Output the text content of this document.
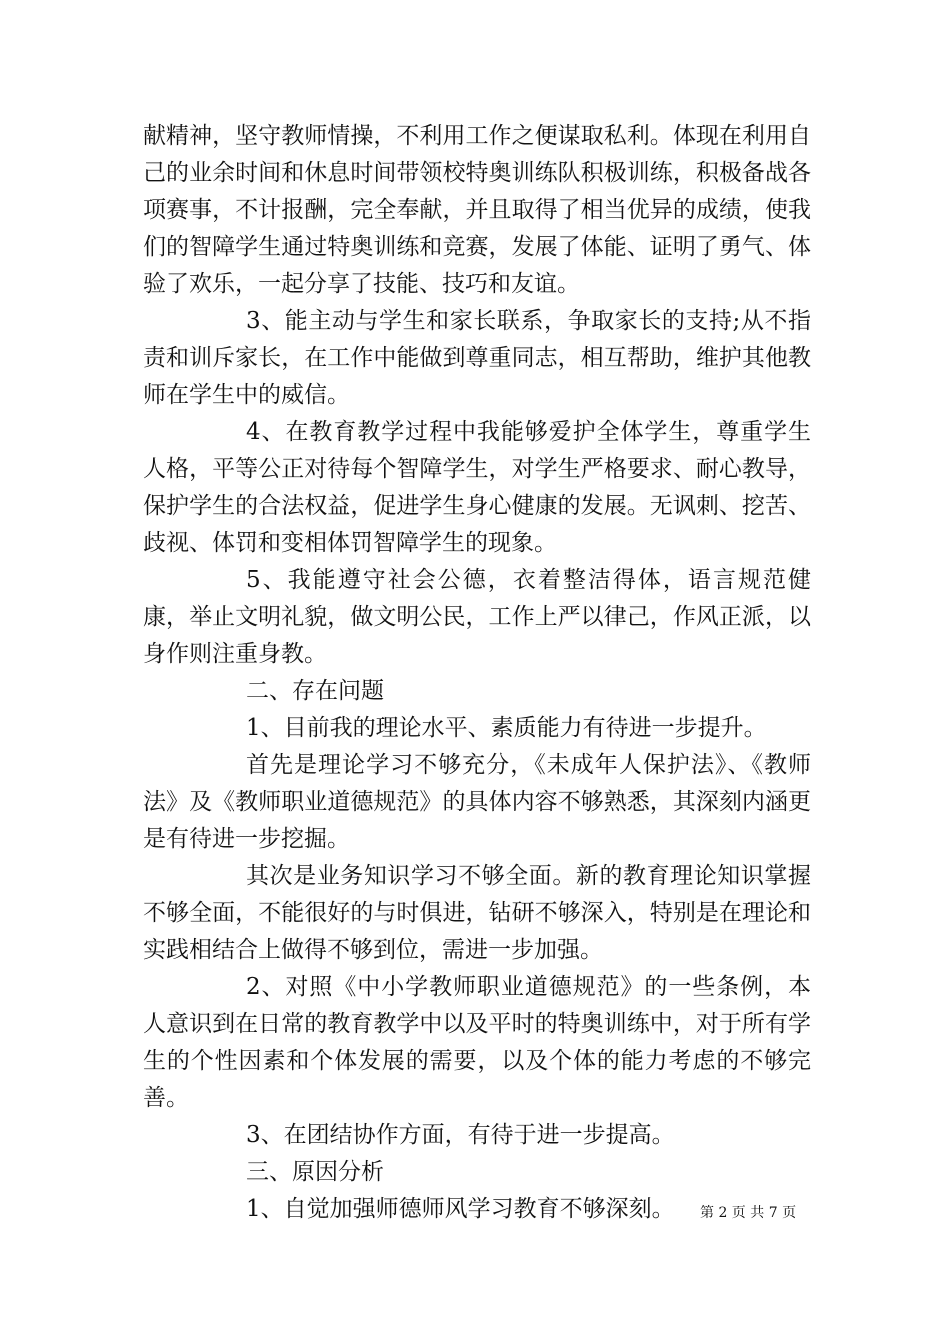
献精神，坚守教师情操，不利用工作之便谋取私利。体现在利用自己的业余时间和休息时间带领校特奥训练队积极训练，积极备战各项赛事，不计报酬，完全奉献，并且取得了相当优异的成绩，使我们的智障学生通过特奥训练和竞赛，发展了体能、证明了勇气、体验了欢乐，一起分享了技能、技巧和友谊。

3、能主动与学生和家长联系，争取家长的支持;从不指责和训斥家长，在工作中能做到尊重同志，相互帮助，维护其他教师在学生中的威信。

4、在教育教学过程中我能够爱护全体学生，尊重学生人格，平等公正对待每个智障学生，对学生严格要求、耐心教导，保护学生的合法权益，促进学生身心健康的发展。无讽刺、挖苦、歧视、体罚和变相体罚智障学生的现象。

5、我能遵守社会公德，衣着整洁得体，语言规范健康，举止文明礼貌，做文明公民，工作上严以律己，作风正派，以身作则注重身教。

二、存在问题

1、目前我的理论水平、素质能力有待进一步提升。

首先是理论学习不够充分，《未成年人保护法》、《教师法》及《教师职业道德规范》的具体内容不够熟悉，其深刻内涵更是有待进一步挖掘。

其次是业务知识学习不够全面。新的教育理论知识掌握不够全面，不能很好的与时俱进，钻研不够深入，特别是在理论和实践相结合上做得不够到位，需进一步加强。

2、对照《中小学教师职业道德规范》的一些条例，本人意识到在日常的教育教学中以及平时的特奥训练中，对于所有学生的个性因素和个体发展的需要，以及个体的能力考虑的不够完善。

3、在团结协作方面，有待于进一步提高。

三、原因分析

1、自觉加强师德师风学习教育不够深刻。	第 2 页 共 7 页
